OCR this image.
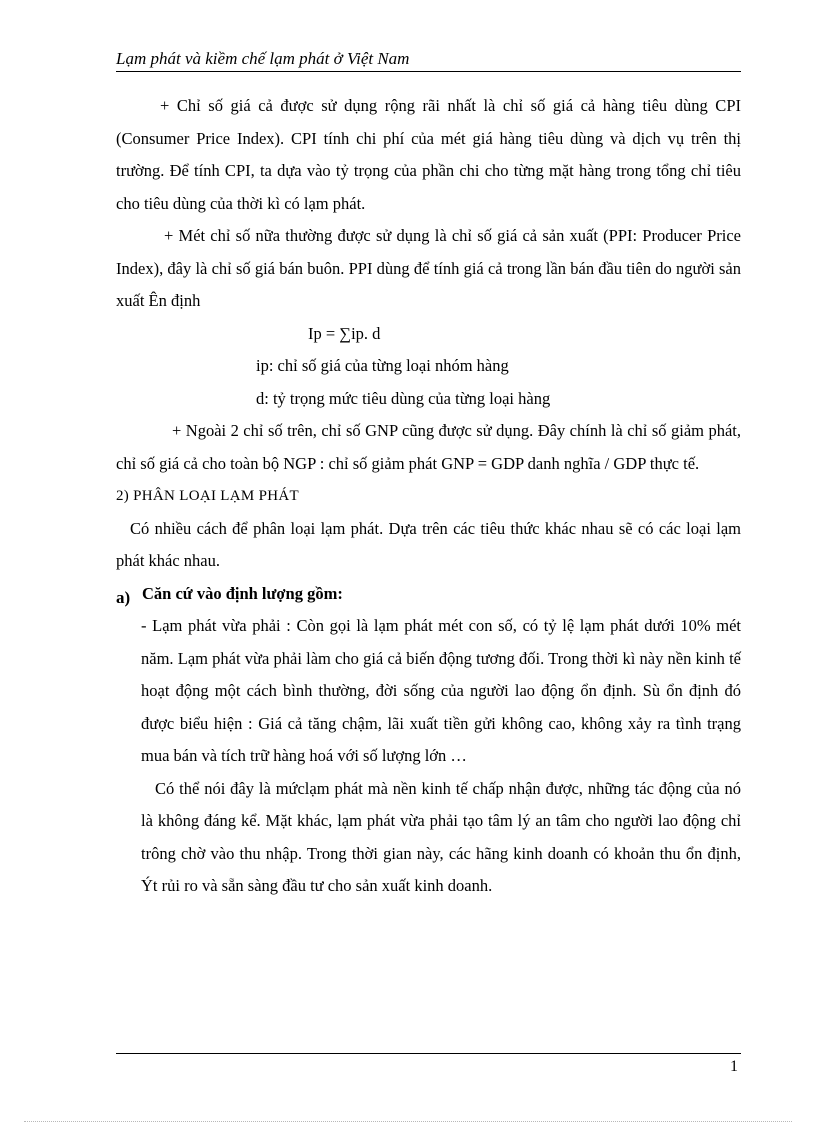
Lạm phát và kiềm chế lạm phát ở Việt Nam

+ Chỉ số giá cả được sử dụng rộng rãi nhất là chỉ số giá cả hàng tiêu dùng CPI (Consumer Price Index). CPI tính chi phí của mét giá hàng tiêu dùng và dịch vụ trên thị trường. Để tính CPI, ta dựa vào tỷ trọng của phần chi cho từng mặt hàng trong tổng chỉ tiêu cho tiêu dùng của thời kì có lạm phát.

+ Mét chỉ số nữa thường được sử dụng là chỉ số giá cả sản xuất (PPI: Producer Price Index), đây là chỉ số giá bán buôn. PPI dùng để tính giá cả trong lần bán đầu tiên do người sản xuất Ên định

Ip = ∑ip. d

ip: chỉ số giá của từng loại nhóm hàng

d: tỷ trọng mức tiêu dùng của từng loại hàng

+ Ngoài 2 chỉ số trên, chỉ số GNP cũng được sử dụng. Đây chính là chỉ số giảm phát, chỉ số giá cả cho toàn bộ NGP : chỉ số giảm phát GNP = GDP danh nghĩa / GDP thực tế.

2) PHÂN LOẠI LẠM PHÁT

Có nhiều cách để phân loại lạm phát. Dựa trên các tiêu thức khác nhau sẽ có các loại lạm phát khác nhau.

a) Căn cứ vào định lượng gồm:

- Lạm phát vừa phải : Còn gọi là lạm phát mét con số, có tỷ lệ lạm phát dưới 10% mét năm. Lạm phát vừa phải làm cho giá cả biến động tương đối. Trong thời kì này nền kinh tế hoạt động một cách bình thường, đời sống của người lao động ổn định. Sù ổn định đó được biểu hiện : Giá cả tăng chậm, lãi xuất tiền gửi không cao, không xảy ra tình trạng mua bán và tích trữ hàng hoá với số lượng lớn …

Có thể nói đây là mứclạm phát mà nền kinh tế chấp nhận được, những tác động của nó là không đáng kể. Mặt khác, lạm phát vừa phải tạo tâm lý an tâm cho người lao động chỉ trông chờ vào thu nhập. Trong thời gian này, các hãng kinh doanh có khoản thu ổn định, Ýt rủi ro và sẵn sàng đầu tư cho sản xuất kinh doanh.

1
